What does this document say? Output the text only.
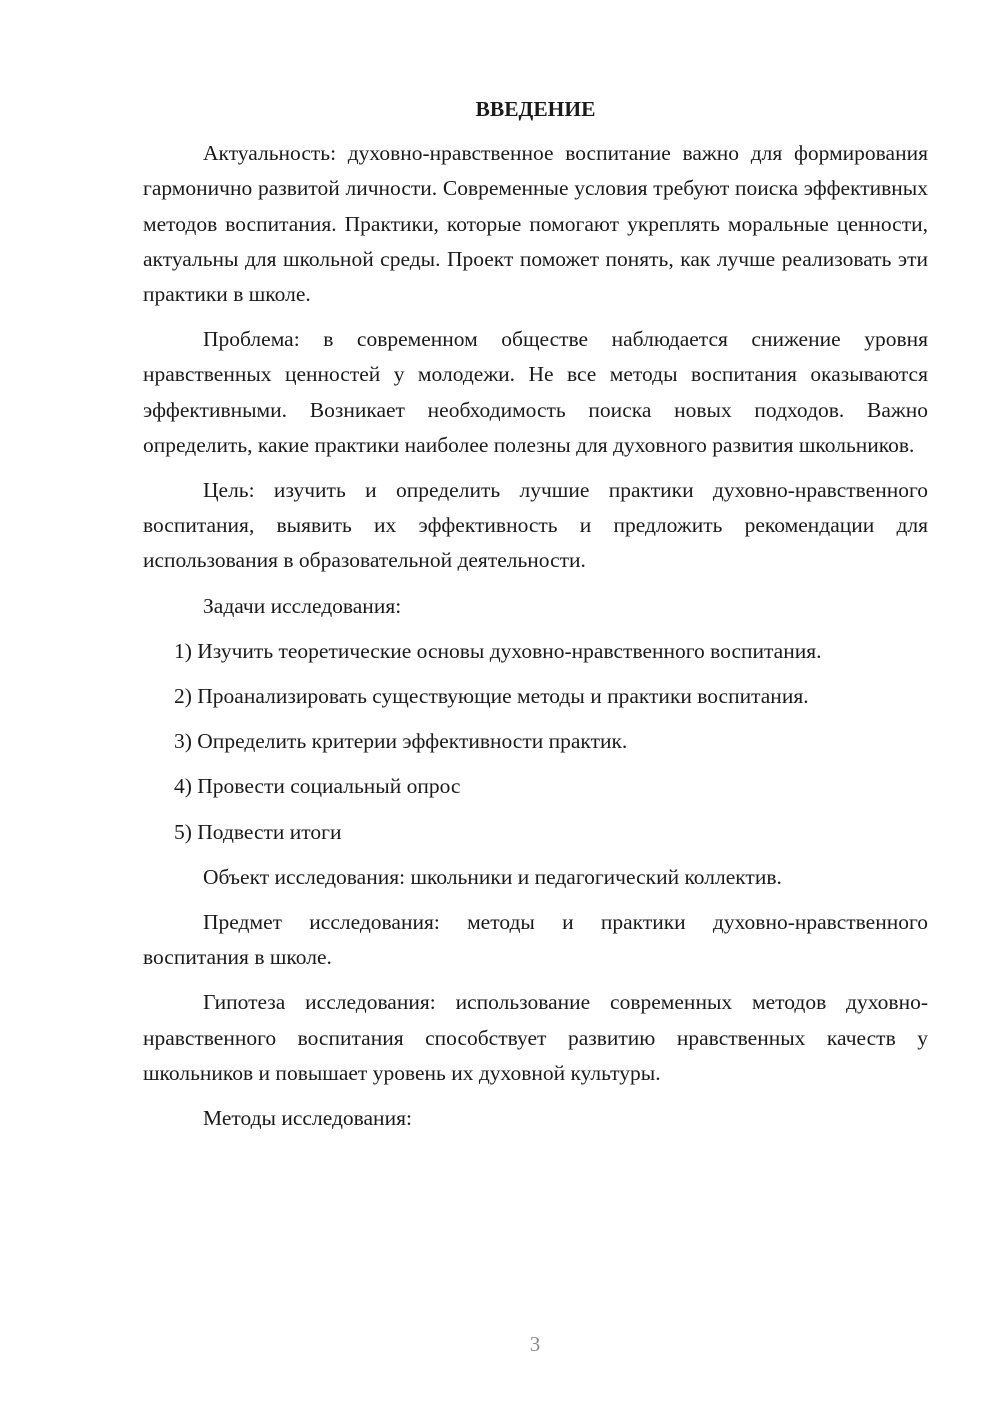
ВВЕДЕНИЕ

Актуальность: духовно-нравственное воспитание важно для формирования гармонично развитой личности. Современные условия требуют поиска эффективных методов воспитания. Практики, которые помогают укреплять моральные ценности, актуальны для школьной среды. Проект поможет понять, как лучше реализовать эти практики в школе.

Проблема: в современном обществе наблюдается снижение уровня нравственных ценностей у молодежи. Не все методы воспитания оказываются эффективными. Возникает необходимость поиска новых подходов. Важно определить, какие практики наиболее полезны для духовного развития школьников.

Цель: изучить и определить лучшие практики духовно-нравственного воспитания, выявить их эффективность и предложить рекомендации для использования в образовательной деятельности.

Задачи исследования:

1) Изучить теоретические основы духовно-нравственного воспитания.
2) Проанализировать существующие методы и практики воспитания.
3) Определить критерии эффективности практик.
4) Провести социальный опрос
5) Подвести итоги

Объект исследования: школьники и педагогический коллектив.

Предмет исследования: методы и практики духовно-нравственного воспитания в школе.

Гипотеза исследования: использование современных методов духовно-нравственного воспитания способствует развитию нравственных качеств у школьников и повышает уровень их духовной культуры.

Методы исследования:

3
